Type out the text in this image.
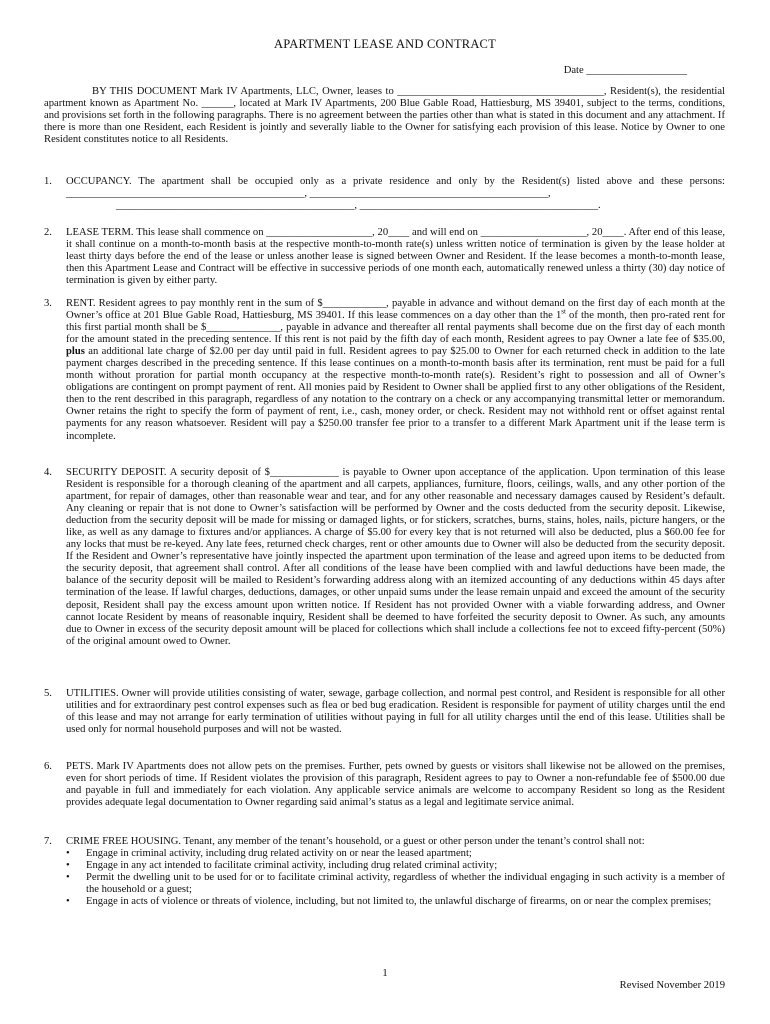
APARTMENT LEASE AND CONTRACT
Date ___________________

BY THIS DOCUMENT Mark IV Apartments, LLC, Owner, leases to _______________________________________, Resident(s), the residential apartment known as Apartment No. ______, located at Mark IV Apartments, 200 Blue Gable Road, Hattiesburg, MS 39401, subject to the terms, conditions, and provisions set forth in the following paragraphs. There is no agreement between the parties other than what is stated in this document and any attachment. If there is more than one Resident, each Resident is jointly and severally liable to the Owner for satisfying each provision of this lease. Notice by Owner to one Resident constitutes notice to all Residents.

1.	OCCUPANCY. The apartment shall be occupied only as a private residence and only by the Resident(s) listed above and these persons: _____________________________________________, _____________________________________________,

_____________________________________________, _____________________________________________.

2.	LEASE TERM. This lease shall commence on ____________________, 20____ and will end on ____________________, 20____. After end of this lease, it shall continue on a month-to-month basis at the respective month-to-month rate(s) unless written notice of termination is given by the lease holder at least thirty days before the end of the lease or unless another lease is signed between Owner and Resident. If the lease becomes a month-to-month lease, then this Apartment Lease and Contract will be effective in successive periods of one month each, automatically renewed unless a thirty (30) day notice of termination is given by either party.

3.	RENT. Resident agrees to pay monthly rent in the sum of $____________, payable in advance and without demand on the first day of each month at the Owner’s office at 201 Blue Gable Road, Hattiesburg, MS 39401. If this lease commences on a day other than the 1st of the month, then pro-rated rent for this first partial month shall be $______________, payable in advance and thereafter all rental payments shall become due on the first day of each month for the amount stated in the preceding sentence. If this rent is not paid by the fifth day of each month, Resident agrees to pay Owner a late fee of $35.00, plus an additional late charge of $2.00 per day until paid in full. Resident agrees to pay $25.00 to Owner for each returned check in addition to the late payment charges described in the preceding sentence. If this lease continues on a month-to-month basis after its termination, rent must be paid for a full month without proration for partial month occupancy at the respective month-to-month rate(s). Resident’s right to possession and all of Owner’s obligations are contingent on prompt payment of rent. All monies paid by Resident to Owner shall be applied first to any other obligations of the Resident, then to the rent described in this paragraph, regardless of any notation to the contrary on a check or any accompanying transmittal letter or memorandum. Owner retains the right to specify the form of payment of rent, i.e., cash, money order, or check. Resident may not withhold rent or offset against rental payments for any reason whatsoever. Resident will pay a $250.00 transfer fee prior to a transfer to a different Mark Apartment unit if the lease term is incomplete.

4.	SECURITY DEPOSIT. A security deposit of $_____________ is payable to Owner upon acceptance of the application. Upon termination of this lease Resident is responsible for a thorough cleaning of the apartment and all carpets, appliances, furniture, floors, ceilings, walls, and any other portion of the apartment, for repair of damages, other than reasonable wear and tear, and for any other reasonable and necessary damages caused by Resident’s default. Any cleaning or repair that is not done to Owner’s satisfaction will be performed by Owner and the costs deducted from the security deposit. Likewise, deduction from the security deposit will be made for missing or damaged lights, or for stickers, scratches, burns, stains, holes, nails, picture hangers, or the like, as well as any damage to fixtures and/or appliances. A charge of $5.00 for every key that is not returned will also be deducted, plus a $60.00 fee for any locks that must be re-keyed. Any late fees, returned check charges, rent or other amounts due to Owner will also be deducted from the security deposit. If the Resident and Owner’s representative have jointly inspected the apartment upon termination of the lease and agreed upon items to be deducted from the security deposit, that agreement shall control. After all conditions of the lease have been complied with and lawful deductions have been made, the balance of the security deposit will be mailed to Resident’s forwarding address along with an itemized accounting of any deductions within 45 days after termination of the lease. If lawful charges, deductions, damages, or other unpaid sums under the lease remain unpaid and exceed the amount of the security deposit, Resident shall pay the excess amount upon written notice. If Resident has not provided Owner with a viable forwarding address, and Owner cannot locate Resident by means of reasonable inquiry, Resident shall be deemed to have forfeited the security deposit to Owner. As such, any amounts due to Owner in excess of the security deposit amount will be placed for collections which shall include a collections fee not to exceed fifty-percent (50%) of the original amount owed to Owner.

5.	UTILITIES. Owner will provide utilities consisting of water, sewage, garbage collection, and normal pest control, and Resident is responsible for all other utilities and for extraordinary pest control expenses such as flea or bed bug eradication. Resident is responsible for payment of utility charges until the end of this lease and may not arrange for early termination of utilities without paying in full for all utility charges until the end of this lease. Utilities shall be used only for normal household purposes and will not be wasted.

6.	PETS. Mark IV Apartments does not allow pets on the premises. Further, pets owned by guests or visitors shall likewise not be allowed on the premises, even for short periods of time. If Resident violates the provision of this paragraph, Resident agrees to pay to Owner a non-refundable fee of $500.00 due and payable in full and immediately for each violation. Any applicable service animals are welcome to accompany Resident so long as the Resident provides adequate legal documentation to Owner regarding said animal’s status as a legal and legitimate service animal.

7.	CRIME FREE HOUSING. Tenant, any member of the tenant’s household, or a guest or other person under the tenant’s control shall not:

• Engage in criminal activity, including drug related activity on or near the leased apartment;
• Engage in any act intended to facilitate criminal activity, including drug related criminal activity;
• Permit the dwelling unit to be used for or to facilitate criminal activity, regardless of whether the individual engaging in such activity is a member of the household or a guest;
• Engage in acts of violence or threats of violence, including, but not limited to, the unlawful discharge of firearms, on or near the complex premises;
1
Revised November 2019
